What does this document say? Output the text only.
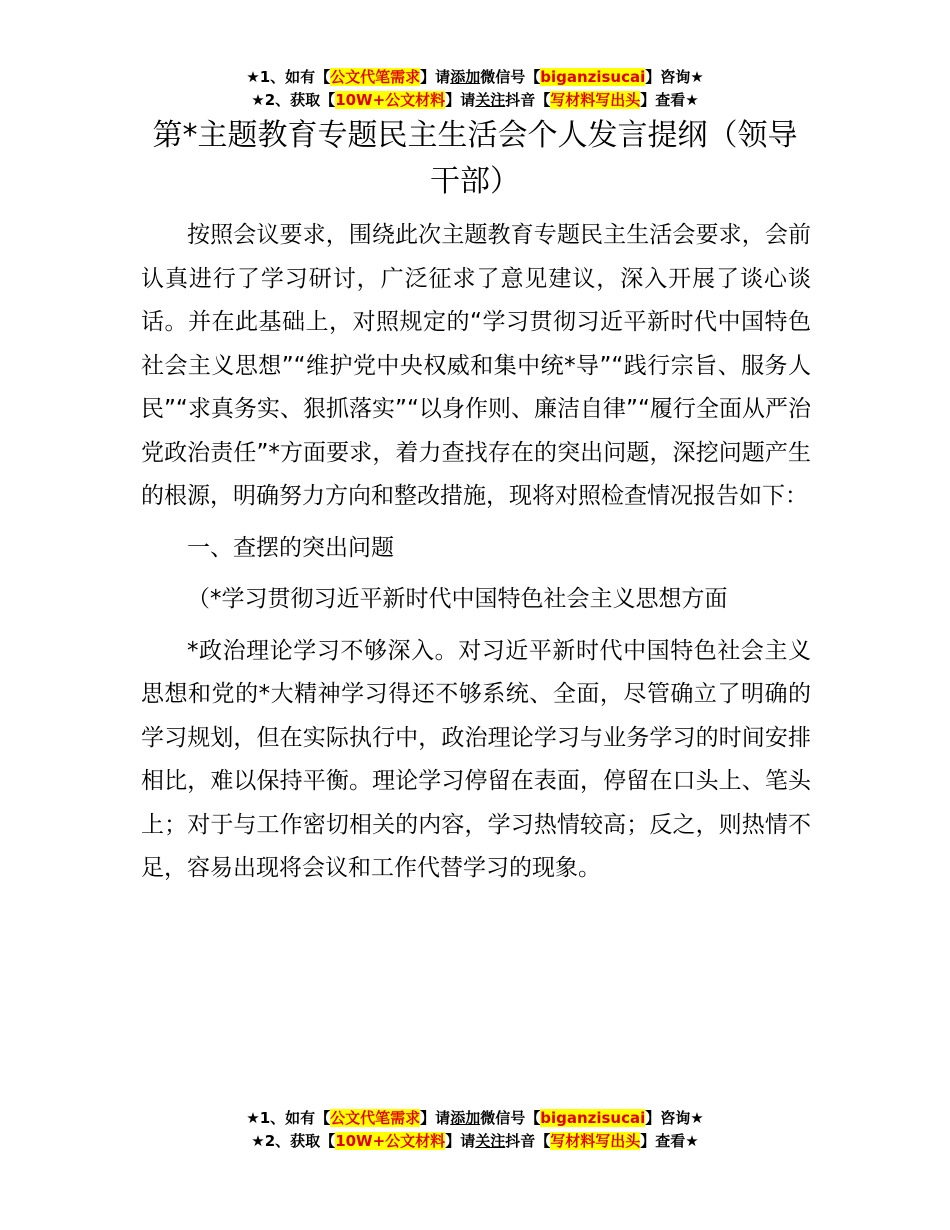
★1、如有【公文代笔需求】请添加微信号【biganzisucai】咨询★
★2、获取【10W+公文材料】请关注抖音【写材料写出头】查看★
第*主题教育专题民主生活会个人发言提纲（领导干部）

按照会议要求，围绕此次主题教育专题民主生活会要求，会前认真进行了学习研讨，广泛征求了意见建议，深入开展了谈心谈话。并在此基础上，对照规定的“学习贯彻习近平新时代中国特色社会主义思想”“维护党中央权威和集中统*导”“践行宗旨、服务人民”“求真务实、狠抓落实”“以身作则、廉洁自律”“履行全面从严治党政治责任”*方面要求，着力查找存在的突出问题，深挖问题产生的根源，明确努力方向和整改措施，现将对照检查情况报告如下：

一、查摆的突出问题

（*学习贯彻习近平新时代中国特色社会主义思想方面

*政治理论学习不够深入。对习近平新时代中国特色社会主义思想和党的*大精神学习得还不够系统、全面，尽管确立了明确的学习规划，但在实际执行中，政治理论学习与业务学习的时间安排相比，难以保持平衡。理论学习停留在表面，停留在口头上、笔头上；对于与工作密切相关的内容，学习热情较高；反之，则热情不足，容易出现将会议和工作代替学习的现象。

★1、如有【公文代笔需求】请添加微信号【biganzisucai】咨询★
★2、获取【10W+公文材料】请关注抖音【写材料写出头】查看★
